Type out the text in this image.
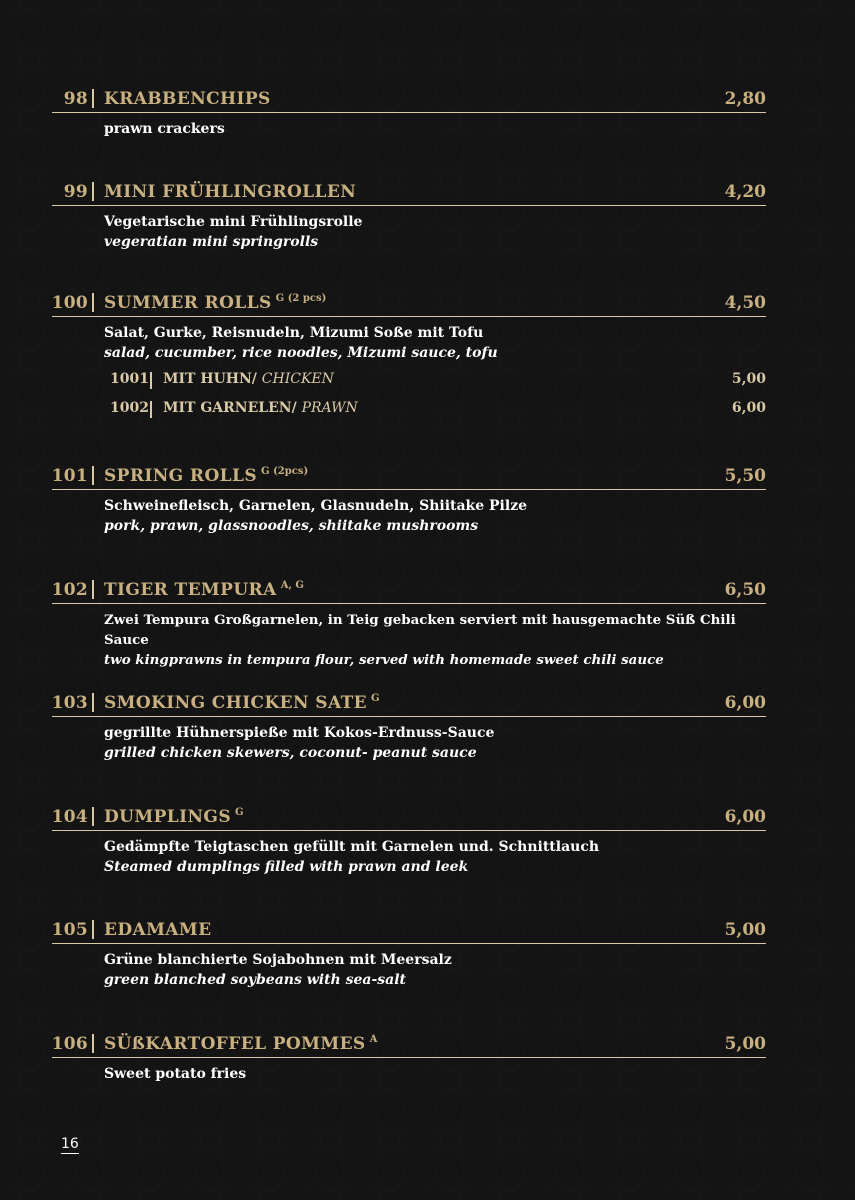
98 KRABBENCHIPS	2,80
prawn crackers
99 MINI FRÜHLINGROLLEN	4,20
Vegetarische mini Frühlingsrolle
vegeratian mini springrolls
100 SUMMER ROLLS $^{G (2 pcs)}$	4,50
Salat, Gurke, Reisnudeln, Mizumi Soße mit Tofu
salad, cucumber, rice noodles, Mizumi sauce, tofu
1001 MIT HUHN/ CHICKEN	5,00
1002 MIT GARNELEN/ PRAWN	6,00
101 SPRING ROLLS $^{G (2pcs)}$	5,50
Schweinefleisch, Garnelen, Glasnudeln, Shiitake Pilze
pork, prawn, glassnoodles, shiitake mushrooms
102 TIGER TEMPURA $^{A, G}$	6,50
Zwei Tempura Großgarnelen, in Teig gebacken serviert mit hausgemachte Süß Chili Sauce
two kingprawns in tempura flour, served with homemade sweet chili sauce
103 SMOKING CHICKEN SATE $^G$	6,00
gegrillte Hühnerspieße mit Kokos-Erdnuss-Sauce
grilled chicken skewers, coconut- peanut sauce
104 DUMPLINGS $^G$	6,00
Gedämpfte Teigtaschen gefüllt mit Garnelen und. Schnittlauch
Steamed dumplings filled with prawn and leek
105 EDAMAME	5,00
Grüne blanchierte Sojabohnen mit Meersalz
green blanched soybeans with sea-salt
106 SÜßKARTOFFEL POMMES $^A$	5,00
Sweet potato fries
16
